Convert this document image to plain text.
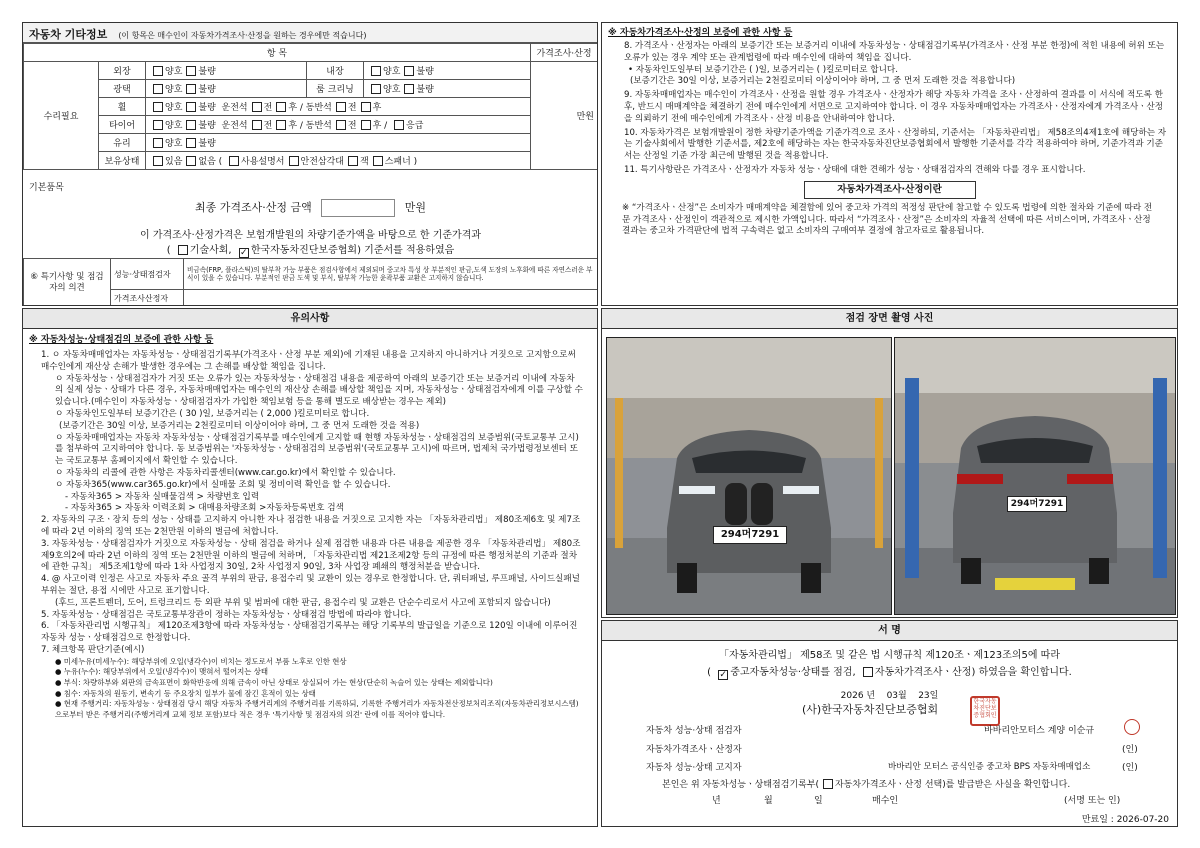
자동차 기타정보 (이 항목은 매수인이 자동차가격조사·산정을 원하는 경우에만 적습니다)
항 목					가격조사·산정
수리필요	외장	양호 불량	내장	양호 불량	만원
	광택	양호 불량	룸 크리닝	양호 불량	
	휠	양호 불량 운전석 전 후 / 동반석 전 후			
	타이어	양호 불량 운전석 전 후 / 동반석 전 후 / 응급			
	유리	양호 불량			
	보유상태	있음 없음 ( 사용설명서 안전삼각대 잭 스패너 )			
기본품목
최종 가격조사·산정 금액	만원
이 가격조사·산정가격은 보험개발원의 차량기준가액을 바탕으로 한 기준가격과
( 기술사회, ✓ 한국자동차진단보증협회) 기준서를 적용하였음
⑥ 특기사항 및 점검자의 의견	성능·상태점검자	비금속(FRP, 플라스틱)의 탈부착 가능 부품은 점검사항에서 제외되며 중고차 특성 상 부분적인 판금,도색 도장의 노후화에 따른 자연스러운 부식이 있을 수 있습니다. 부분적인 판금 도색 및 부식, 탈부착 가능한 윤곽부품 교환은 고지하지 않습니다.
	가격조사산정자	
※ 자동차가격조사·산정의 보증에 관한 사항 등
8. 가격조사ㆍ산정자는 아래의 보증기간 또는 보증거리 이내에 자동차성능ㆍ상태점검기록부(가격조사ㆍ산정 부분 한정)에 적힌 내용에 허위 또는 오류가 있는 경우 계약 또는 관계법령에 따라 매수인에 대하여 책임을 집니다.
• 자동차인도일부터 보증기간은 ( )일, 보증거리는 ( )킬로미터로 합니다.
(보증기간은 30일 이상, 보증거리는 2천킬로미터 이상이어야 하며, 그 중 먼저 도래한 것을 적용합니다)
9. 자동차매매업자는 매수인이 가격조사ㆍ산정을 원할 경우 가격조사ㆍ산정자가 해당 자동차 가격을 조사ㆍ산정하여 결과를 이 서식에 적도록 한 후, 반드시 매매계약을 체결하기 전에 매수인에게 서면으로 고지하여야 합니다. 이 경우 자동차매매업자는 가격조사ㆍ산정자에게 가격조사ㆍ산정을 의뢰하기 전에 매수인에게 가격조사ㆍ산정 비용을 안내하여야 합니다.
10. 자동차가격은 보험개발원이 정한 차량기준가액을 기준가격으로 조사ㆍ산정하되, 기준서는 「자동차관리법」 제58조의4제1호에 해당하는 자는 기술사회에서 발행한 기준서를, 제2호에 해당하는 자는 한국자동차진단보증협회에서 발행한 기준서를 각각 적용하여야 하며, 기준가격과 기준서는 산정일 기준 가장 최근에 발행된 것을 적용합니다.
11. 특기사항란은 가격조사ㆍ산정자가 자동차 성능ㆍ상태에 대한 견해가 성능ㆍ상태점검자의 견해와 다를 경우 표시합니다.
자동차가격조사·산정이란
※ “가격조사ㆍ산정”은 소비자가 매매계약을 체결함에 있어 중고차 가격의 적정성 판단에 참고할 수 있도록 법령에 의한 절차와 기준에 따라 전문 가격조사ㆍ산정인이 객관적으로 제시한 가액입니다. 따라서 “가격조사ㆍ산정”은 소비자의 자율적 선택에 따른 서비스이며, 가격조사ㆍ산정 결과는 중고차 가격판단에 법적 구속력은 없고 소비자의 구매여부 결정에 참고자료로 활용됩니다.
유의사항
※ 자동차성능·상태점검의 보증에 관한 사항 등
1. ㅇ 자동차매매업자는 자동차성능ㆍ상태점검기록부(가격조사ㆍ산정 부분 제외)에 기재된 내용을 고지하지 아니하거나 거짓으로 고지함으로써 매수인에게 재산상 손해가 발생한 경우에는 그 손해를 배상할 책임을 집니다.
ㅇ 자동차성능ㆍ상태점검자가 거짓 또는 오류가 있는 자동차성능ㆍ상태점검 내용을 제공하여 아래의 보증기간 또는 보증거리 이내에 자동차의 실제 성능ㆍ상태가 다른 경우, 자동차매매업자는 매수인의 재산상 손해를 배상할 책임을 지며, 자동차성능ㆍ상태점검자에게 이를 구상할 수 있습니다.(매수인이 자동차성능ㆍ상태점검자가 가입한 책임보험 등을 통해 별도로 배상받는 경우는 제외)
ㅇ 자동차인도일부터 보증기간은 ( 30 )일, 보증거리는 ( 2,000 )킬로미터로 합니다.
(보증기간은 30일 이상, 보증거리는 2천킬로미터 이상이어야 하며, 그 중 먼저 도래한 것을 적용)
ㅇ 자동차매매업자는 자동차 자동차성능ㆍ상태점검기록부를 매수인에게 고지할 때 현행 자동차성능ㆍ상태점검의 보증범위(국토교통부 고시)를 첨부하여 고지하여야 합니다. 동 보증범위는 '자동차성능ㆍ상태점검의 보증범위'(국토교통부 고시)에 따르며, 법제처 국가법령정보센터 또는 국토교통부 홈페이지에서 확인할 수 있습니다.
ㅇ 자동차의 리콜에 관한 사항은 자동차리콜센터(www.car.go.kr)에서 확인할 수 있습니다.
ㅇ 자동차365(www.car365.go.kr)에서 실매물 조회 및 정비이력 확인을 할 수 있습니다.
- 자동차365 > 자동차 실매물검색 > 차량번호 입력
- 자동차365 > 자동차 이력조회 > 대매용차량조회 >자동차등록번호 검색
2. 자동차의 구조ㆍ장치 등의 성능ㆍ상태를 고지하지 아니한 자나 점검한 내용을 거짓으로 고지한 자는 「자동차관리법」 제80조제6호 및 제7조에 따라 2년 이하의 징역 또는 2천만원 이하의 벌금에 처합니다.
3. 자동차성능ㆍ상태점검자가 거짓으로 자동차성능ㆍ상태 점검을 하거나 실제 점검한 내용과 다른 내용을 제공한 경우 「자동차관리법」 제80조제9호의2에 따라 2년 이하의 징역 또는 2천만원 이하의 벌금에 처하며, 「자동차관리법 제21조제2항 등의 규정에 따른 행정처분의 기준과 절차에 관한 규칙」 제5조제1항에 따라 1차 사업정지 30일, 2차 사업정지 90일, 3차 사업장 폐쇄의 행정처분을 받습니다.
4. @ 사고이력 인정은 사고로 자동차 주요 골격 부위의 판금, 용접수리 및 교환이 있는 경우로 한정합니다. 단, 쿼터패널, 루프패널, 사이드실패널 부위는 절단, 용접 시에만 사고로 표기합니다.
(후드, 프론트펜더, 도어, 트렁크리드 등 외판 부위 및 범퍼에 대한 판금, 용접수리 및 교환은 단순수리로서 사고에 포함되지 않습니다)
5. 자동차성능ㆍ상태점검은 국토교통부장관이 정하는 자동차성능ㆍ상태점검 방법에 따라야 합니다.
6. 「자동차관리법 시행규칙」 제120조제3항에 따라 자동차성능ㆍ상태점검기록부는 해당 기록부의 발급일을 기준으로 120일 이내에 이루어진 자동차 성능ㆍ상태점검으로 한정합니다.
7. 체크항목 판단기준(예시)
● 미세누유(미세누수): 해당부위에 오일(냉각수)이 비치는 정도로서 부품 노후로 인한 현상
● 누유(누수): 해당부위에서 오일(냉각수)이 맺혀서 떨어지는 상태
● 부식: 차량하부와 외판의 금속표면이 화학반응에 의해 금속이 아닌 상태로 상실되어 가는 현상(단순히 녹슬어 있는 상태는 제외합니다)
● 침수: 자동차의 원동기, 변속기 등 주요장치 일부가 물에 잠긴 흔적이 있는 상태
● 현재 주행거리: 자동차성능ㆍ상태점검 당시 해당 자동차 주행거리계의 주행거리를 기록하되, 기록한 주행거리가 자동차전산정보처리조직(자동차관리정보시스템)으로부터 받은 주행거리(주행거리계 교체 정보 포함)보다 적은 경우 '특기사항 및 점검자의 의견' 란에 이를 적어야 합니다.
점검 장면 촬영 사진
294머7291
294머7291
서 명
「자동차관리법」 제58조 및 같은 법 시행규칙 제120조ㆍ제123조의5에 따라
( ✓ 중고자동차성능·상태를 점검, 자동차가격조사ㆍ산정) 하였음을 확인합니다.
2026 년 03월 23일
(사)한국자동차진단보증협회
한국자동차진단보증협회인
자동차 성능·상태 점검자	바바리안모터스 계양 이순규
자동차가격조사ㆍ산정자	(인)
자동차 성능·상태 고지자	바바리안 모터스 공식인증 중고차 BPS 자동차매매업소	(인)
본인은 위 자동차성능ㆍ상태점검기록부( 자동차가격조사ㆍ산정 선택)를 발급받은 사실을 확인합니다.
년	월	일	매수인	(서명 또는 인)
만료일 : 2026-07-20
